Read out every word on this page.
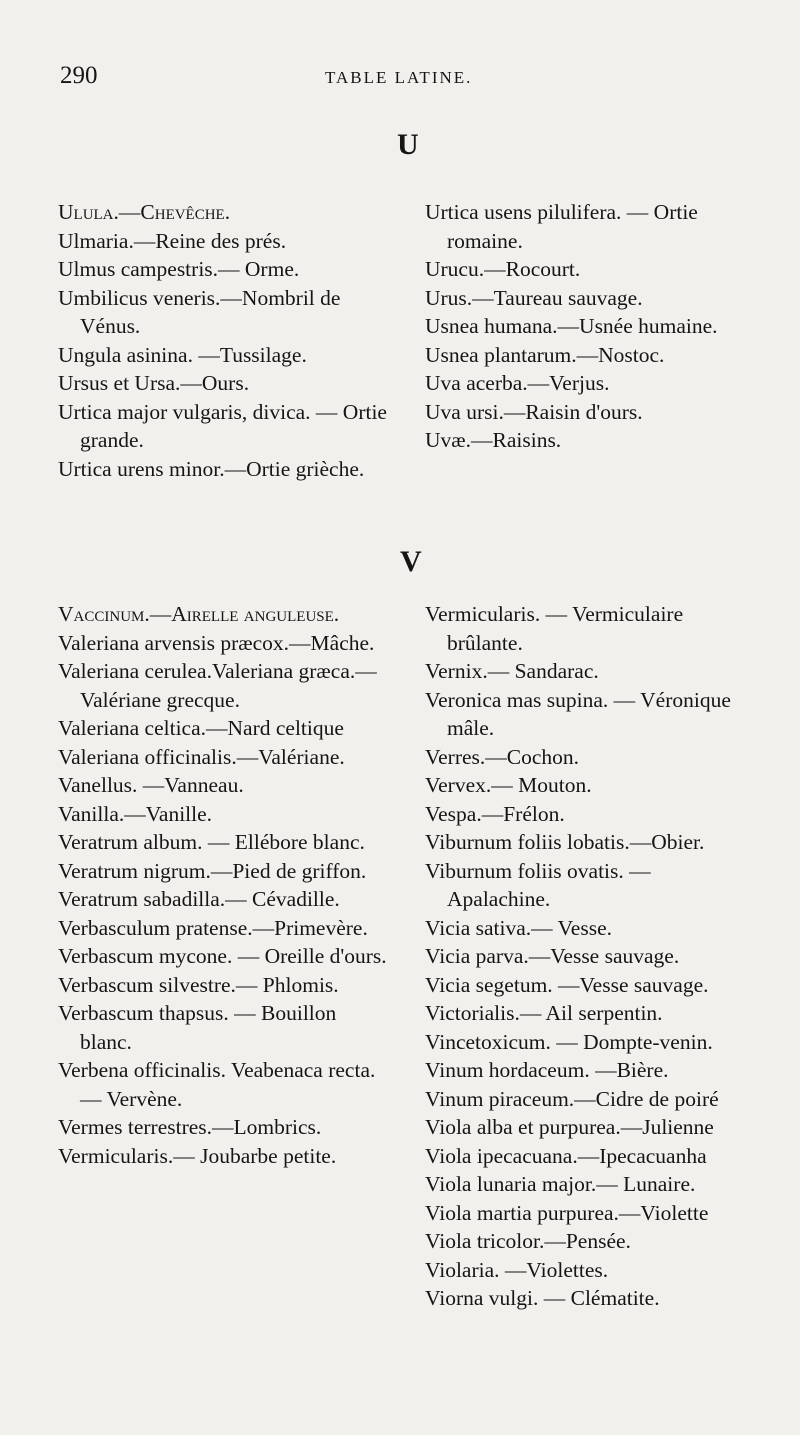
290	TABLE LATINE.
U
Ulula.—Chevêche.
Ulmaria.—Reine des prés.
Ulmus campestris.— Orme.
Umbilicus veneris.—Nombril de Vénus.
Ungula asinina. —Tussilage.
Ursus et Ursa.—Ours.
Urtica major vulgaris, divica. — Ortie grande.
Urtica urens minor.—Ortie grièche.
Urtica usens pilulifera. — Ortie romaine.
Urucu.—Rocourt.
Urus.—Taureau sauvage.
Usnea humana.—Usnée humaine.
Usnea plantarum.—Nostoc.
Uva acerba.—Verjus.
Uva ursi.—Raisin d'ours.
Uvæ.—Raisins.
V
Vaccinum.—Airelle anguleuse.
Valeriana arvensis præcox.—Mâche.
Valeriana cerulea.Valeriana græca.—Valériane grecque.
Valeriana celtica.—Nard celtique
Valeriana officinalis.—Valériane.
Vanellus. —Vanneau.
Vanilla.—Vanille.
Veratrum album. — Ellébore blanc.
Veratrum nigrum.—Pied de griffon.
Veratrum sabadilla.— Cévadille.
Verbasculum pratense.—Primevère.
Verbascum mycone. — Oreille d'ours.
Verbascum silvestre.— Phlomis.
Verbascum thapsus. — Bouillon blanc.
Verbena officinalis. Veabenaca recta. — Vervène.
Vermes terrestres.—Lombrics.
Vermicularis.— Joubarbe petite.
Vermicularis. — Vermiculaire brûlante.
Vernix.— Sandarac.
Veronica mas supina. — Véronique mâle.
Verres.—Cochon.
Vervex.— Mouton.
Vespa.—Frélon.
Viburnum foliis lobatis.—Obier.
Viburnum foliis ovatis. — Apalachine.
Vicia sativa.— Vesse.
Vicia parva.—Vesse sauvage.
Vicia segetum. —Vesse sauvage.
Victorialis.— Ail serpentin.
Vincetoxicum. — Dompte-venin.
Vinum hordaceum. —Bière.
Vinum piraceum.—Cidre de poiré
Viola alba et purpurea.—Julienne
Viola ipecacuana.—Ipecacuanha
Viola lunaria major.— Lunaire.
Viola martia purpurea.—Violette
Viola tricolor.—Pensée.
Violaria. —Violettes.
Viorna vulgi. — Clématite.
